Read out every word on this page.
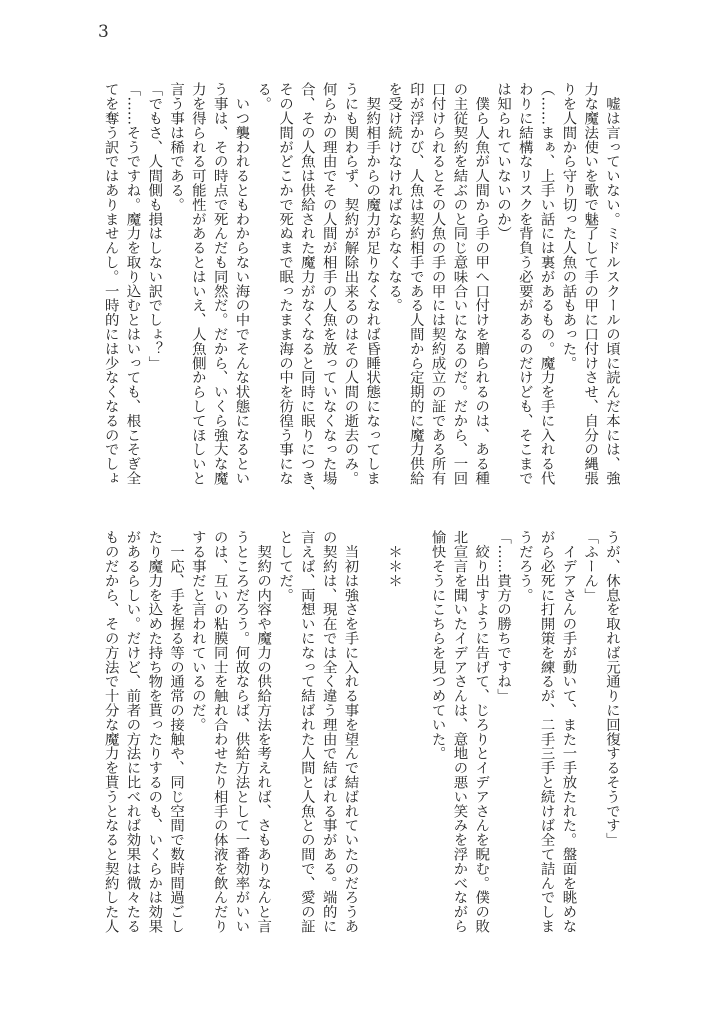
3
　嘘は言っていない。ミドルスクールの頃に読んだ本には、強
力な魔法使いを歌で魅了して手の甲に口付けさせ、自分の縄張
りを人間から守り切った人魚の話もあった。
（……まぁ、上手い話には裏があるもの。魔力を手に入れる代
わりに結構なリスクを背負う必要があるのだけども、そこまで
は知られていないのか）
　僕ら人魚が人間から手の甲へ口付けを贈られるのは、ある種
の主従契約を結ぶのと同じ意味合いになるのだ。だから、一回
口付けられるとその人魚の手の甲には契約成立の証である所有
印が浮かび、人魚は契約相手である人間から定期的に魔力供給
を受け続けなければならなくなる。
　契約相手からの魔力が足りなくなれば昏睡状態になってしま
うにも関わらず、契約が解除出来るのはその人間の逝去のみ。
何らかの理由でその人間が相手の人魚を放っていなくなった場
合、その人魚は供給された魔力がなくなると同時に眠りにつき、
その人間がどこかで死ぬまで眠ったまま海の中を彷徨う事にな
る。
　いつ襲われるともわからない海の中でそんな状態になるとい
う事は、その時点で死んだも同然だ。だから、いくら強大な魔
力を得られる可能性があるとはいえ、人魚側からしてほしいと
言う事は稀である。
「でもさ、人間側も損はしない訳でしょ？」
「……そうですね。魔力を取り込むとはいっても、根こそぎ全
てを奪う訳ではありませんし。一時的には少なくなるのでしょ
うが、休息を取れば元通りに回復するそうです」
「ふーん」
　イデアさんの手が動いて、また一手放たれた。盤面を眺めな
がら必死に打開策を練るが、二手三手と続けば全て詰んでしま
うだろう。
「……貴方の勝ちですね」
　絞り出すように告げて、じろりとイデアさんを睨む。僕の敗
北宣言を聞いたイデアさんは、意地の悪い笑みを浮かべながら
愉快そうにこちらを見つめていた。

　＊＊＊

　当初は強さを手に入れる事を望んで結ばれていたのだろうあ
の契約は、現在では全く違う理由で結ばれる事がある。端的に
言えば、両想いになって結ばれた人間と人魚との間で、愛の証
としてだ。
　契約の内容や魔力の供給方法を考えれば、さもありなんと言
うところだろう。何故ならば、供給方法として一番効率がいい
のは、互いの粘膜同士を触れ合わせたり相手の体液を飲んだり
する事だと言われているのだ。
　一応、手を握る等の通常の接触や、同じ空間で数時間過ごし
たり魔力を込めた持ち物を貰ったりするのも、いくらかは効果
があるらしい。だけど、前者の方法に比べれば効果は微々たる
ものだから、その方法で十分な魔力を貰うとなると契約した人
